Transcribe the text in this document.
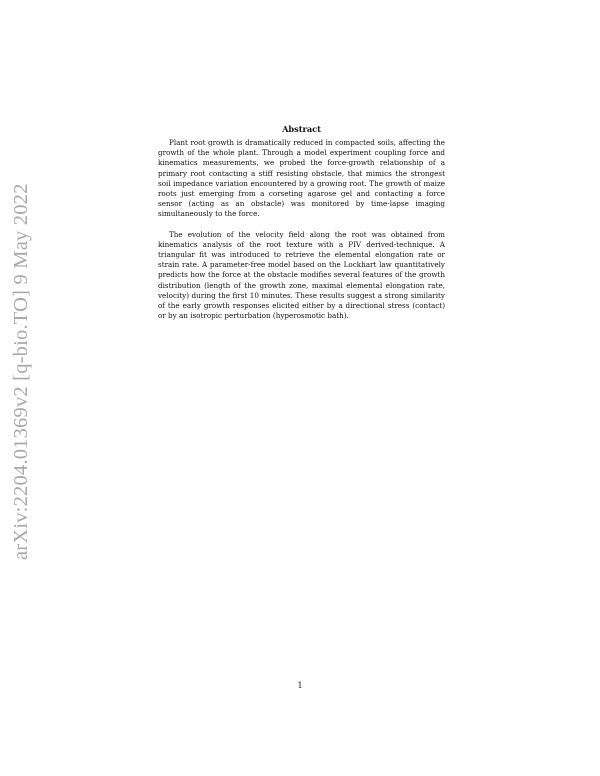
arXiv:2204.01369v2 [q-bio.TO] 9 May 2022
Abstract

Plant root growth is dramatically reduced in compacted soils, affecting the growth of the whole plant. Through a model experiment coupling force and kinematics measurements, we probed the force-growth relationship of a primary root contacting a stiff resisting obstacle, that mimics the strongest soil impedance variation encountered by a growing root. The growth of maize roots just emerging from a corseting agarose gel and contacting a force sensor (acting as an obstacle) was monitored by time-lapse imaging simultaneously to the force.

The evolution of the velocity field along the root was obtained from kinematics analysis of the root texture with a PIV derived-technique. A triangular fit was introduced to retrieve the elemental elongation rate or strain rate. A parameter-free model based on the Lockhart law quantitatively predicts how the force at the obstacle modifies several features of the growth distribution (length of the growth zone, maximal elemental elongation rate, velocity) during the first 10 minutes. These results suggest a strong similarity of the early growth responses elicited either by a directional stress (contact) or by an isotropic perturbation (hyperosmotic bath).

1
